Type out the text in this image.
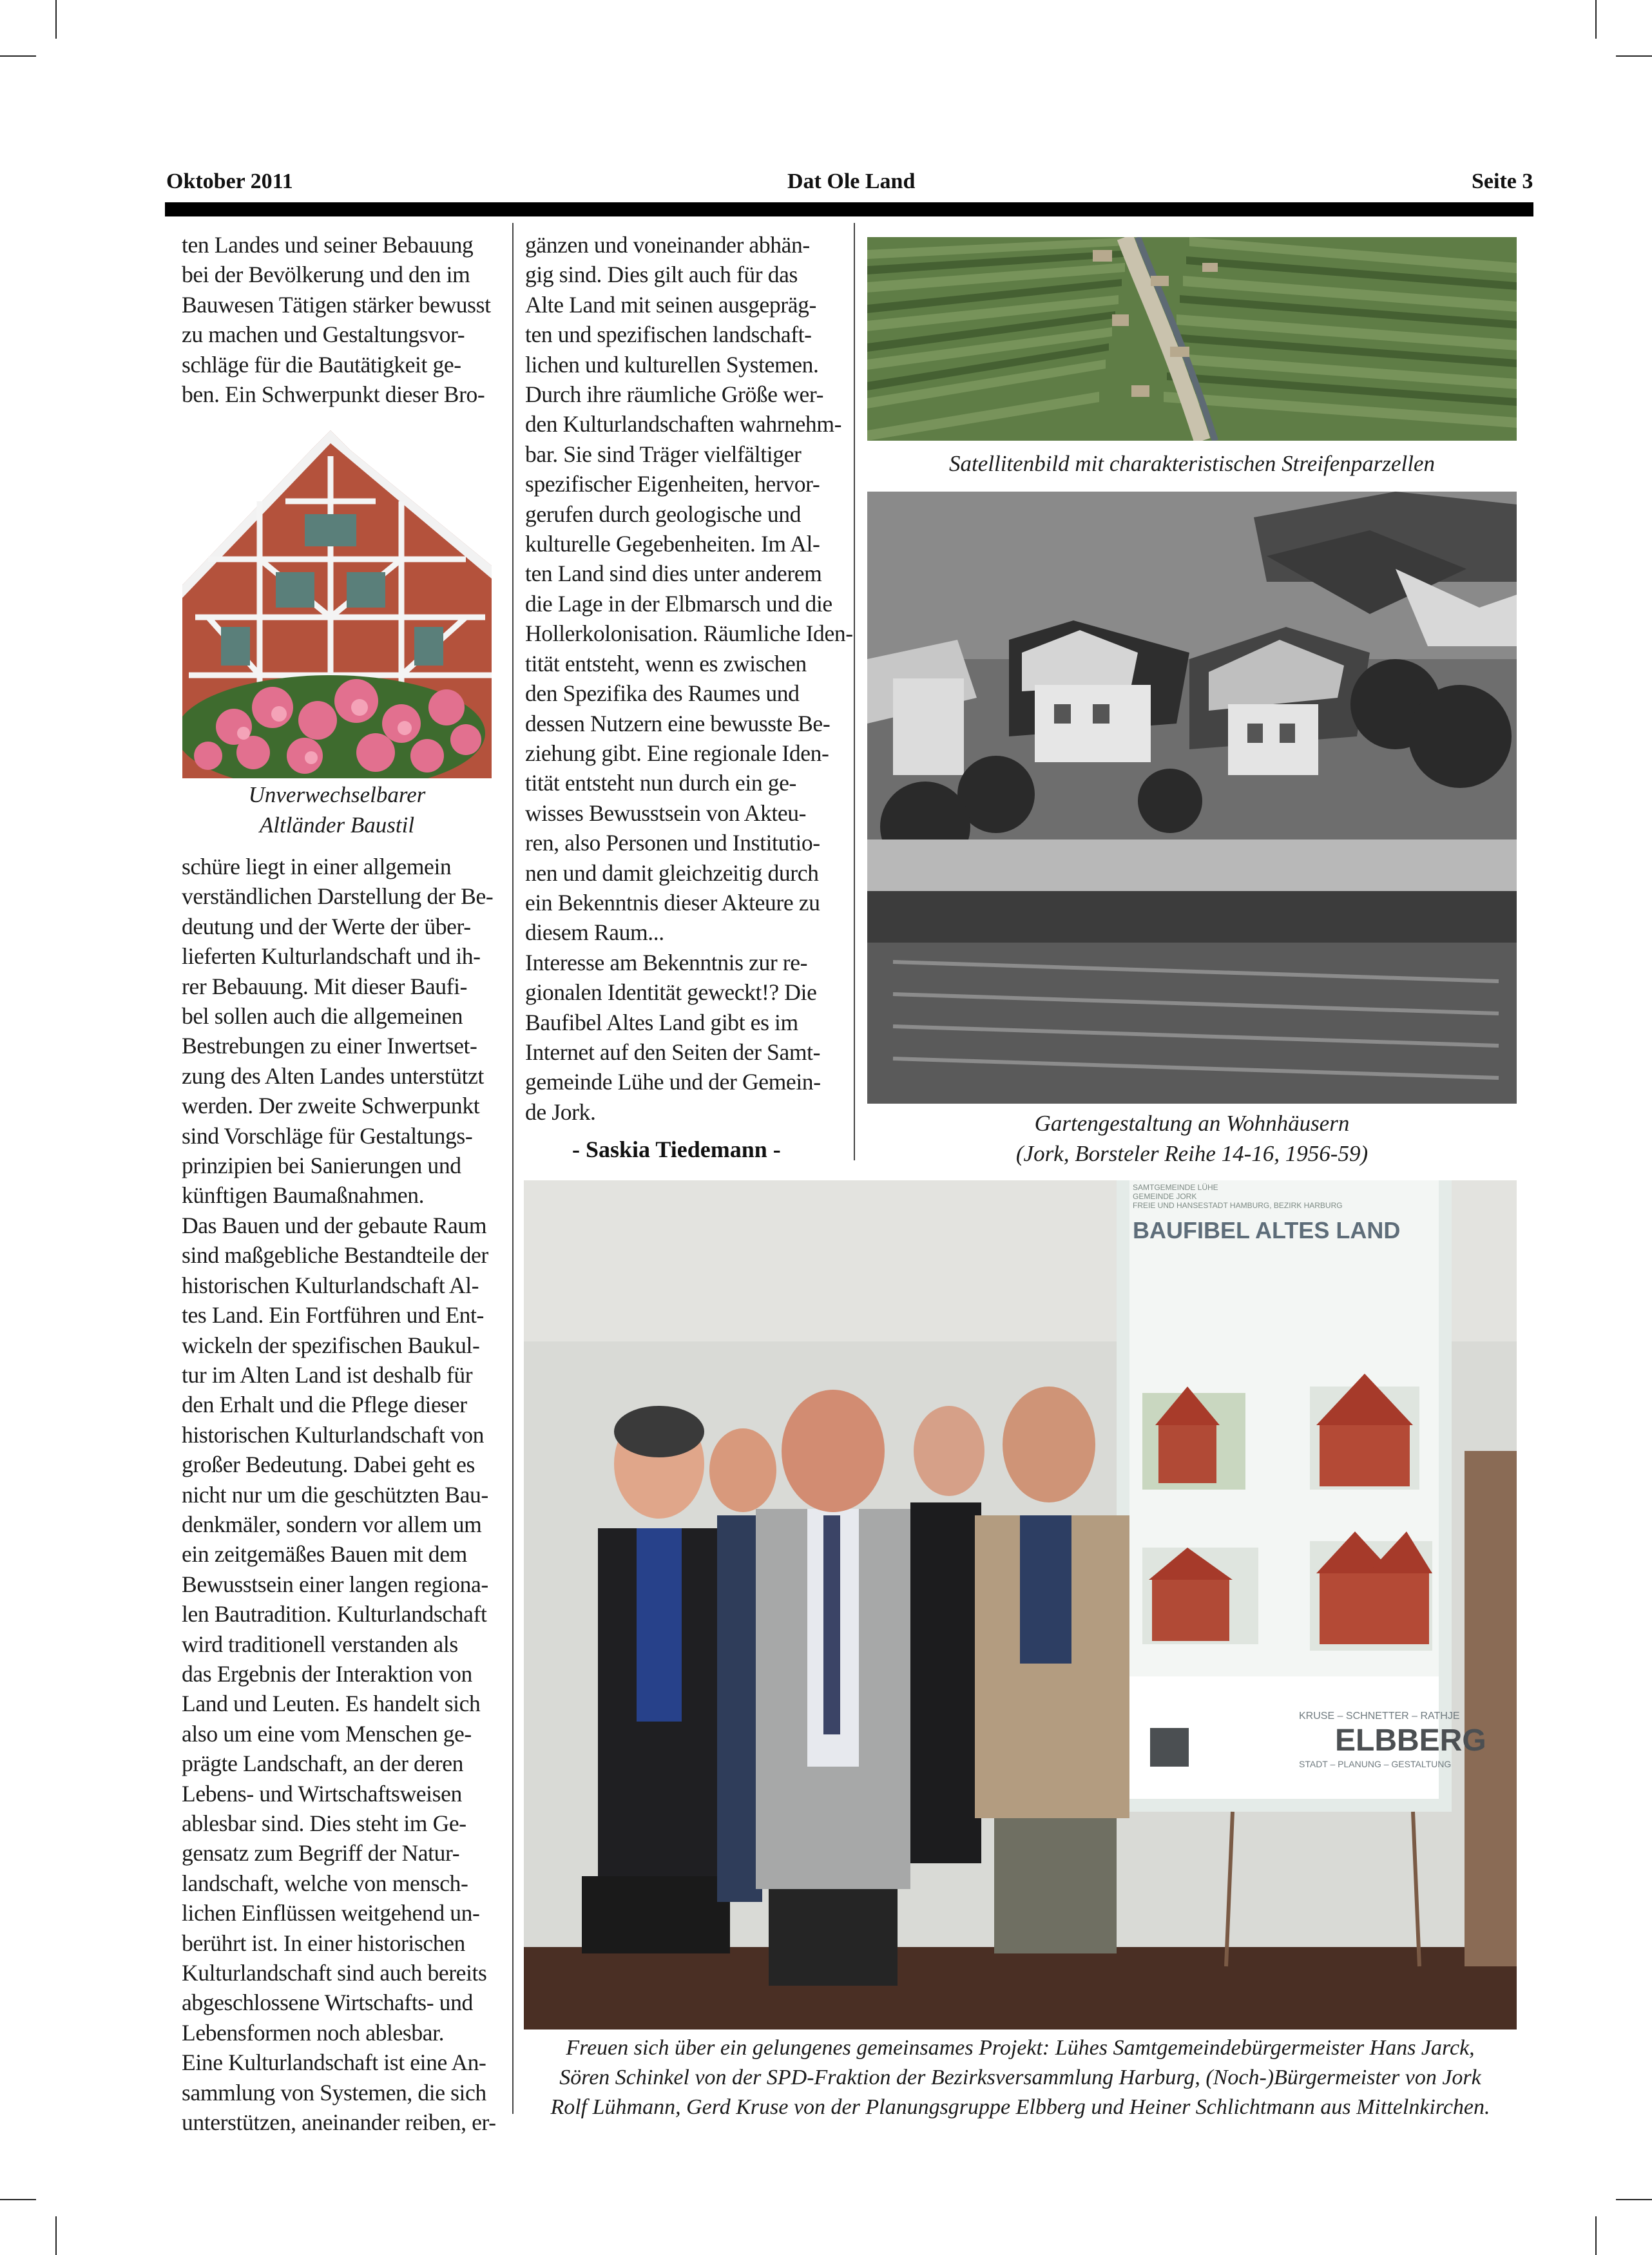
Oktober 2011	Dat Ole Land	Seite 3

ten Landes und seiner Bebauung

bei der Bevölkerung und den im

Bauwesen Tätigen stärker bewusst

zu machen und Gestaltungsvor-

schläge für die Bautätigkeit ge-

ben. Ein Schwerpunkt dieser Bro-

Unverwechselbarer

Altländer Baustil

schüre liegt in einer allgemein

verständlichen Darstellung der Be-

deutung und der Werte der über-

lieferten Kulturlandschaft und ih-

rer Bebauung. Mit dieser Baufi-

bel sollen auch die allgemeinen

Bestrebungen zu einer Inwertset-

zung des Alten Landes unterstützt

werden. Der zweite Schwerpunkt

sind Vorschläge für Gestaltungs-

prinzipien bei Sanierungen und

künftigen Baumaßnahmen.

Das Bauen und der gebaute Raum

sind maßgebliche Bestandteile der

historischen Kulturlandschaft Al-

tes Land. Ein Fortführen und Ent-

wickeln der spezifischen Baukul-

tur im Alten Land ist deshalb für

den Erhalt und die Pflege dieser

historischen Kulturlandschaft von

großer Bedeutung. Dabei geht es

nicht nur um die geschützten Bau-

denkmäler, sondern vor allem um

ein zeitgemäßes Bauen mit dem

Bewusstsein einer langen regiona-

len Bautradition. Kulturlandschaft

wird traditionell verstanden als

das Ergebnis der Interaktion von

Land und Leuten. Es handelt sich

also um eine vom Menschen ge-

prägte Landschaft, an der deren

Lebens- und Wirtschaftsweisen

ablesbar sind. Dies steht im Ge-

gensatz zum Begriff der Natur-

landschaft, welche von mensch-

lichen Einflüssen weitgehend un-

berührt ist. In einer historischen

Kulturlandschaft sind auch bereits

abgeschlossene Wirtschafts- und

Lebensformen noch ablesbar.

Eine Kulturlandschaft ist eine An-

sammlung von Systemen, die sich

unterstützen, aneinander reiben, er-

gänzen und voneinander abhän-

gig sind. Dies gilt auch für das

Alte Land mit seinen ausgepräg-

ten und spezifischen landschaft-

lichen und kulturellen Systemen.

Durch ihre räumliche Größe wer-

den Kulturlandschaften wahrnehm-

bar. Sie sind Träger vielfältiger

spezifischer Eigenheiten, hervor-

gerufen durch geologische und

kulturelle Gegebenheiten. Im Al-

ten Land sind dies unter anderem

die Lage in der Elbmarsch und die

Hollerkolonisation. Räumliche Iden-

tität entsteht, wenn es zwischen

den Spezifika des Raumes und

dessen Nutzern eine bewusste Be-

ziehung gibt. Eine regionale Iden-

tität entsteht nun durch ein ge-

wisses Bewusstsein von Akteu-

ren, also Personen und Institutio-

nen und damit gleichzeitig durch

ein Bekenntnis dieser Akteure zu

diesem Raum...

Interesse am Bekenntnis zur re-

gionalen Identität geweckt!? Die

Baufibel Altes Land gibt es im

Internet auf den Seiten der Samt-

gemeinde Lühe und der Gemein-

de Jork.

- Saskia Tiedemann -
Satellitenbild mit charakteristischen Streifenparzellen

Gartengestaltung an Wohnhäusern

(Jork, Borsteler Reihe 14-16, 1956-59)

SAMTGEMEINDE LÜHE
GEMEINDE JORK
FREIE UND HANSESTADT HAMBURG, BEZIRK HARBURG
BAUFIBEL ALTES LAND
KRUSE – SCHNETTER – RATHJE
ELBBERG
STADT – PLANUNG – GESTALTUNG

Freuen sich über ein gelungenes gemeinsames Projekt: Lühes Samtgemeindebürgermeister Hans Jarck,

Sören Schinkel von der SPD-Fraktion der Bezirksversammlung Harburg, (Noch-)Bürgermeister von Jork

Rolf Lühmann, Gerd Kruse von der Planungsgruppe Elbberg und Heiner Schlichtmann aus Mittelnkirchen.
